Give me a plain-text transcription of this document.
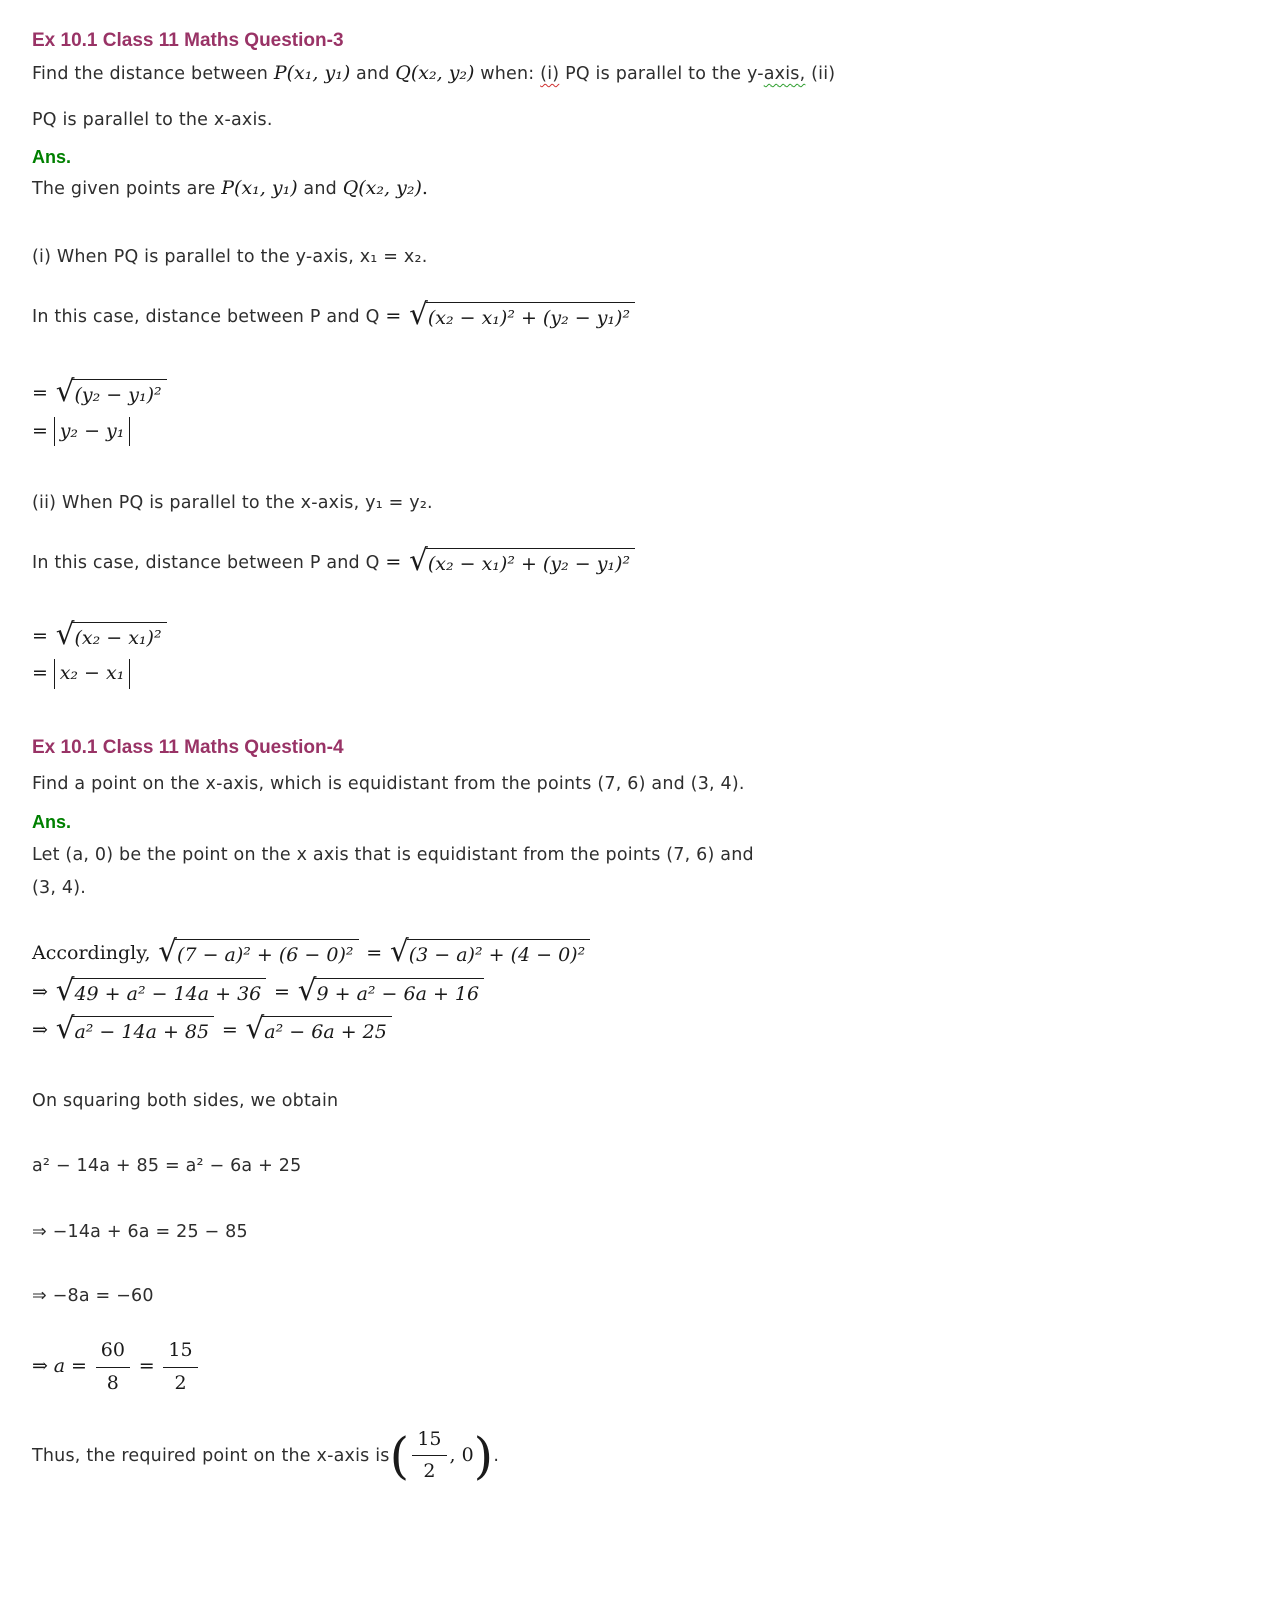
Ex 10.1 Class 11 Maths Question-3
Find the distance between P(x₁, y₁) and Q(x₂, y₂) when: (i) PQ is parallel to the y-axis, (ii)
PQ is parallel to the x-axis.
Ans.
The given points are P(x₁, y₁) and Q(x₂, y₂).
(i) When PQ is parallel to the y-axis, x₁ = x₂.
In this case, distance between P and Q = √ (x₂ − x₁)² + (y₂ − y₁)²
= √ (y₂ − y₁)²
= y₂ − y₁
(ii) When PQ is parallel to the x-axis, y₁ = y₂.
In this case, distance between P and Q = √ (x₂ − x₁)² + (y₂ − y₁)²
= √ (x₂ − x₁)²
= x₂ − x₁
Ex 10.1 Class 11 Maths Question-4
Find a point on the x-axis, which is equidistant from the points (7, 6) and (3, 4).
Ans.
Let (a, 0) be the point on the x axis that is equidistant from the points (7, 6) and
(3, 4).
Accordingly, √ (7 − a)² + (6 − 0)² = √ (3 − a)² + (4 − 0)²
⇒ √ 49 + a² − 14a + 36 = √ 9 + a² − 6a + 16
⇒ √ a² − 14a + 85 = √ a² − 6a + 25
On squaring both sides, we obtain
a² − 14a + 85 = a² − 6a + 25
⇒ −14a + 6a = 25 − 85
⇒ −8a = −60
⇒ $a = \frac{60}{8} = \frac{15}{2}$
Thus, the required point on the x-axis $is( \frac{15}{2}$ , 0).
